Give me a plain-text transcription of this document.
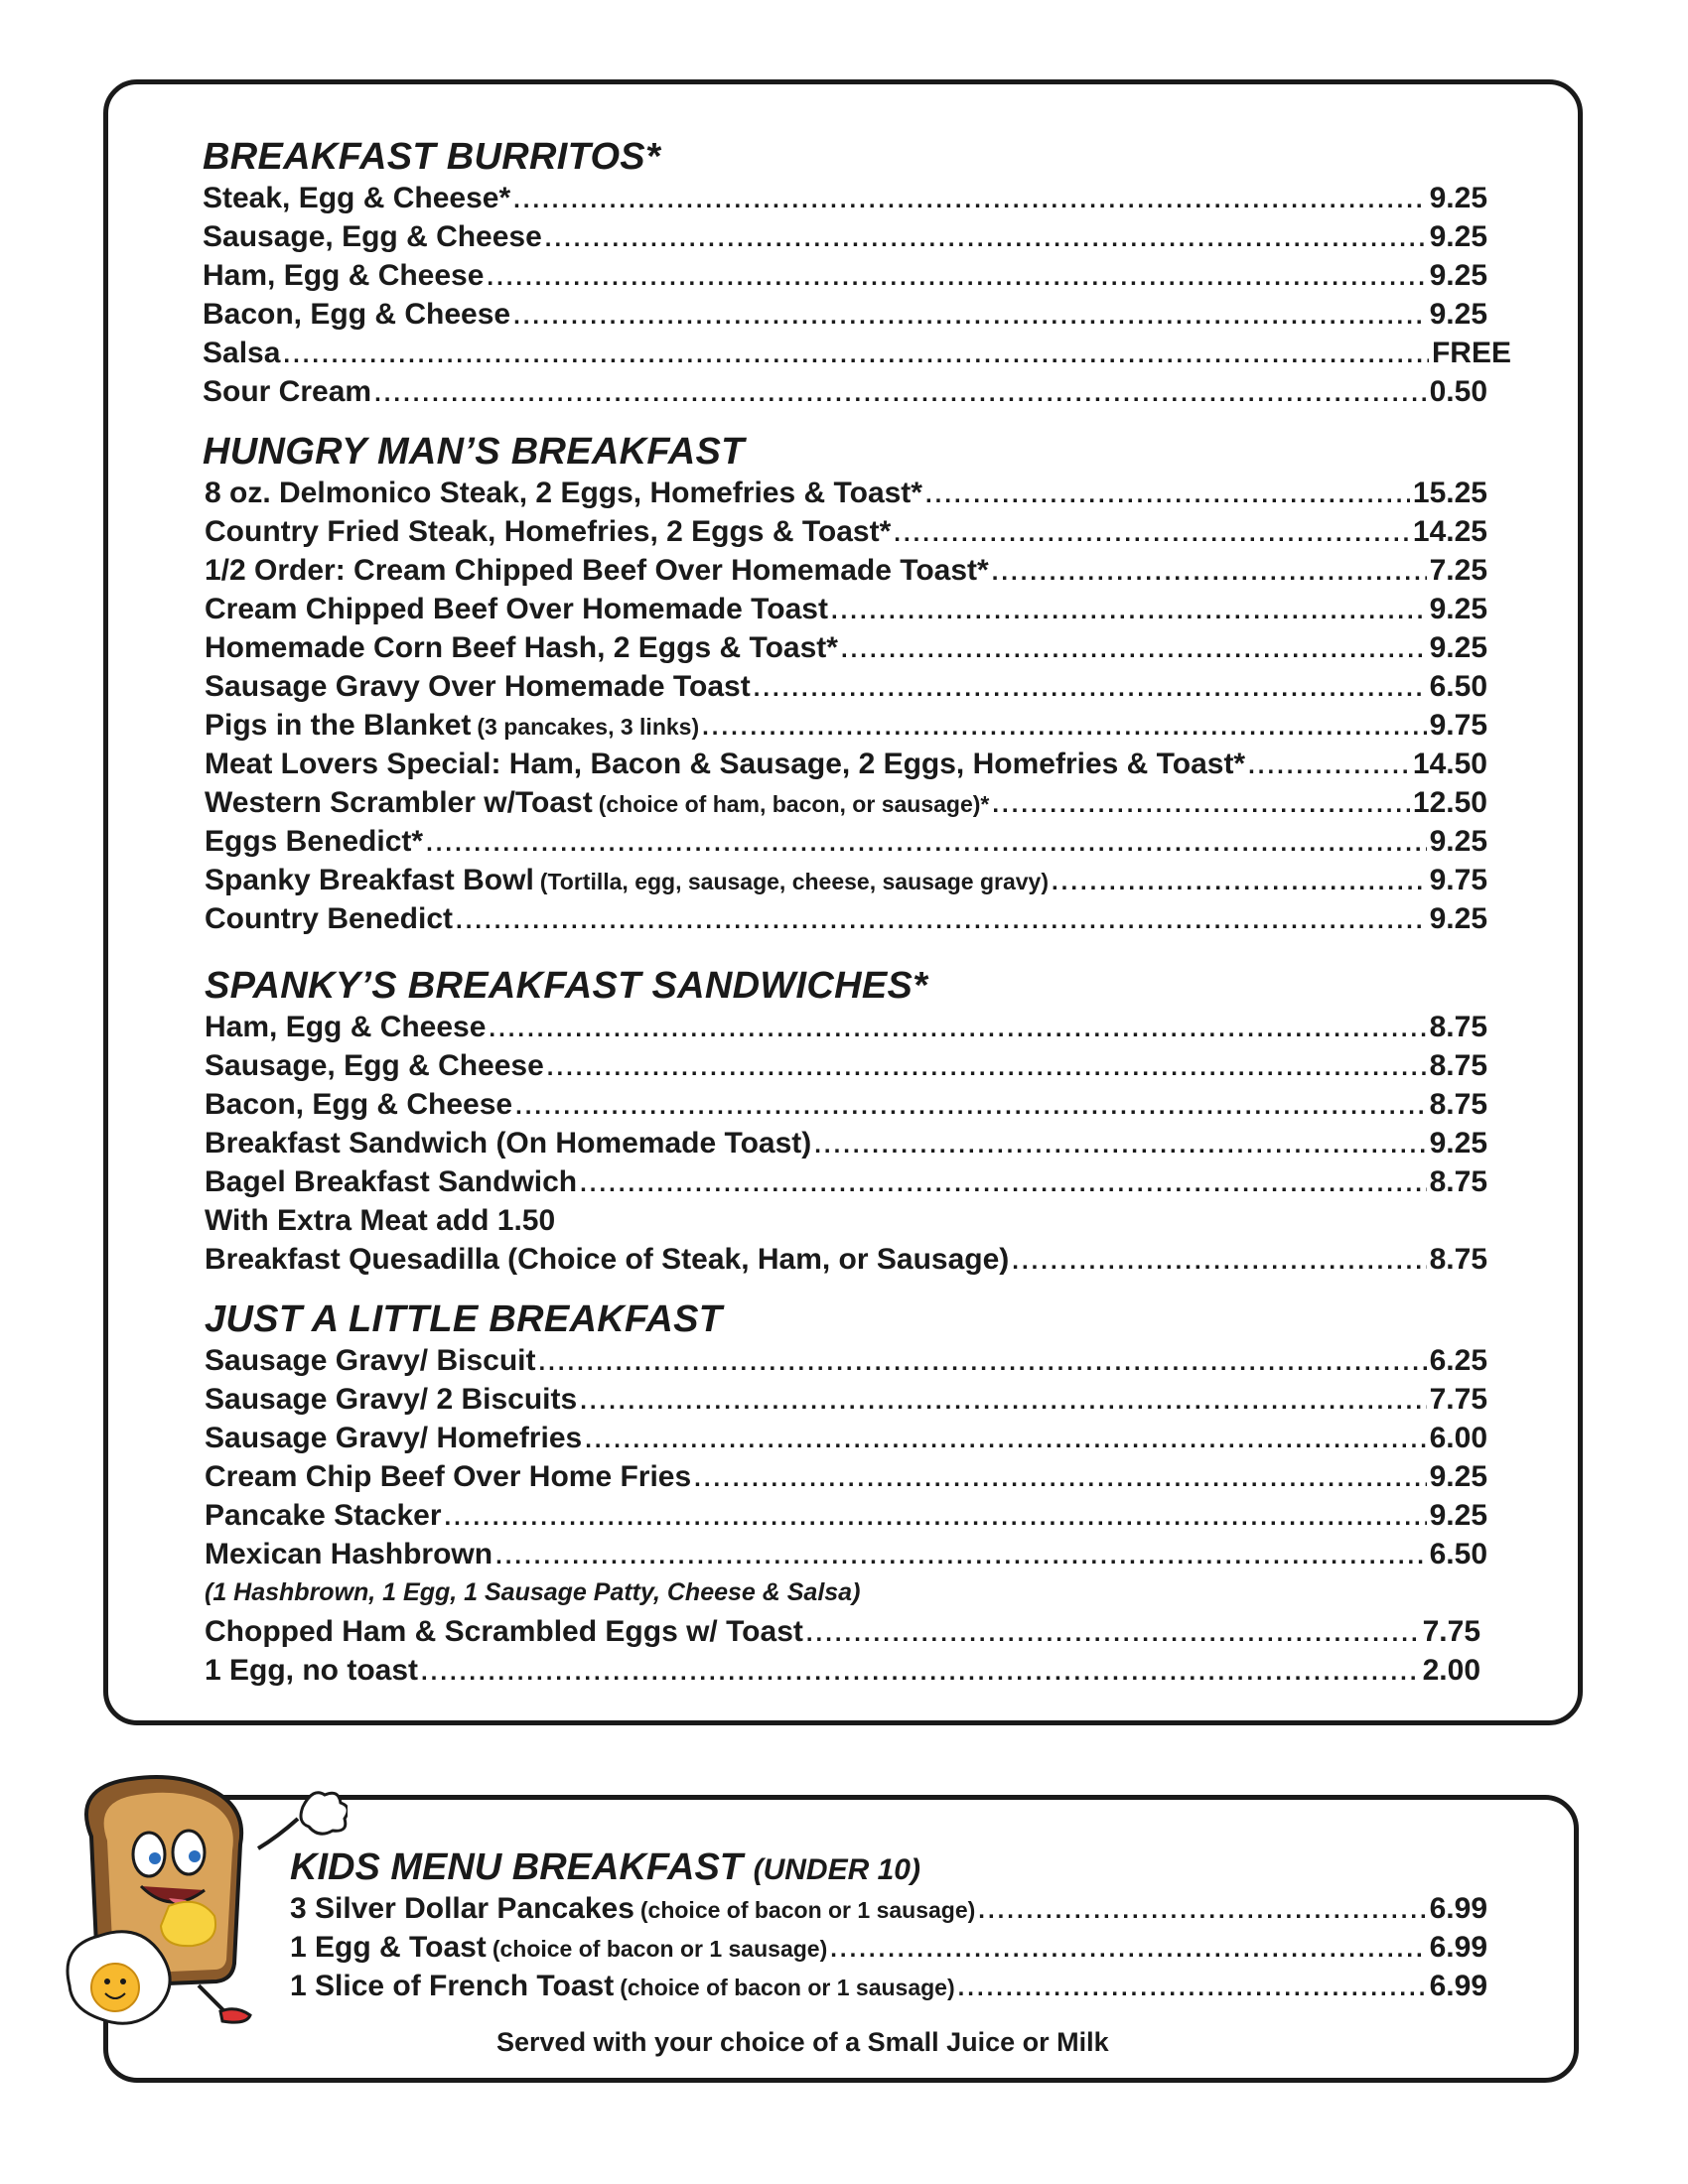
BREAKFAST BURRITOS*
Steak, Egg & Cheese* .....	9.25
Sausage, Egg & Cheese .....	9.25
Ham, Egg & Cheese .....	9.25
Bacon, Egg & Cheese .....	9.25
Salsa .....	FREE
Sour Cream .....	0.50
HUNGRY MAN’S BREAKFAST
8 oz. Delmonico Steak, 2 Eggs, Homefries & Toast* .....	15.25
Country Fried Steak, Homefries, 2 Eggs & Toast* .....	14.25
1/2 Order: Cream Chipped Beef Over Homemade Toast* .....	7.25
Cream Chipped Beef Over Homemade Toast .....	9.25
Homemade Corn Beef Hash, 2 Eggs & Toast* .....	9.25
Sausage Gravy Over Homemade Toast .....	6.50
Pigs in the Blanket (3 pancakes, 3 links) .....	9.75
Meat Lovers Special: Ham, Bacon & Sausage, 2 Eggs, Homefries & Toast* .....	14.50
Western Scrambler w/Toast (choice of ham, bacon, or sausage)* .....	12.50
Eggs Benedict* .....	9.25
Spanky Breakfast Bowl (Tortilla, egg, sausage, cheese, sausage gravy) .....	9.75
Country Benedict .....	9.25
SPANKY’S BREAKFAST SANDWICHES*
Ham, Egg & Cheese .....	8.75
Sausage, Egg & Cheese .....	8.75
Bacon, Egg & Cheese .....	8.75
Breakfast Sandwich (On Homemade Toast) .....	9.25
Bagel Breakfast Sandwich .....	8.75
With Extra Meat add 1.50
Breakfast Quesadilla (Choice of Steak, Ham, or Sausage) .....	8.75
JUST A LITTLE BREAKFAST
Sausage Gravy/ Biscuit .....	6.25
Sausage Gravy/ 2 Biscuits .....	7.75
Sausage Gravy/ Homefries .....	6.00
Cream Chip Beef Over Home Fries .....	9.25
Pancake Stacker .....	9.25
Mexican Hashbrown .....	6.50
(1 Hashbrown, 1 Egg, 1 Sausage Patty, Cheese & Salsa)
Chopped Ham & Scrambled Eggs w/ Toast .....	7.75
1 Egg, no toast .....	2.00
KIDS MENU BREAKFAST (UNDER 10)
3 Silver Dollar Pancakes (choice of bacon or 1 sausage) .....	6.99
1 Egg & Toast (choice of bacon or 1 sausage) .....	6.99
1 Slice of French Toast (choice of bacon or 1 sausage) .....	6.99
Served with your choice of a Small Juice or Milk
